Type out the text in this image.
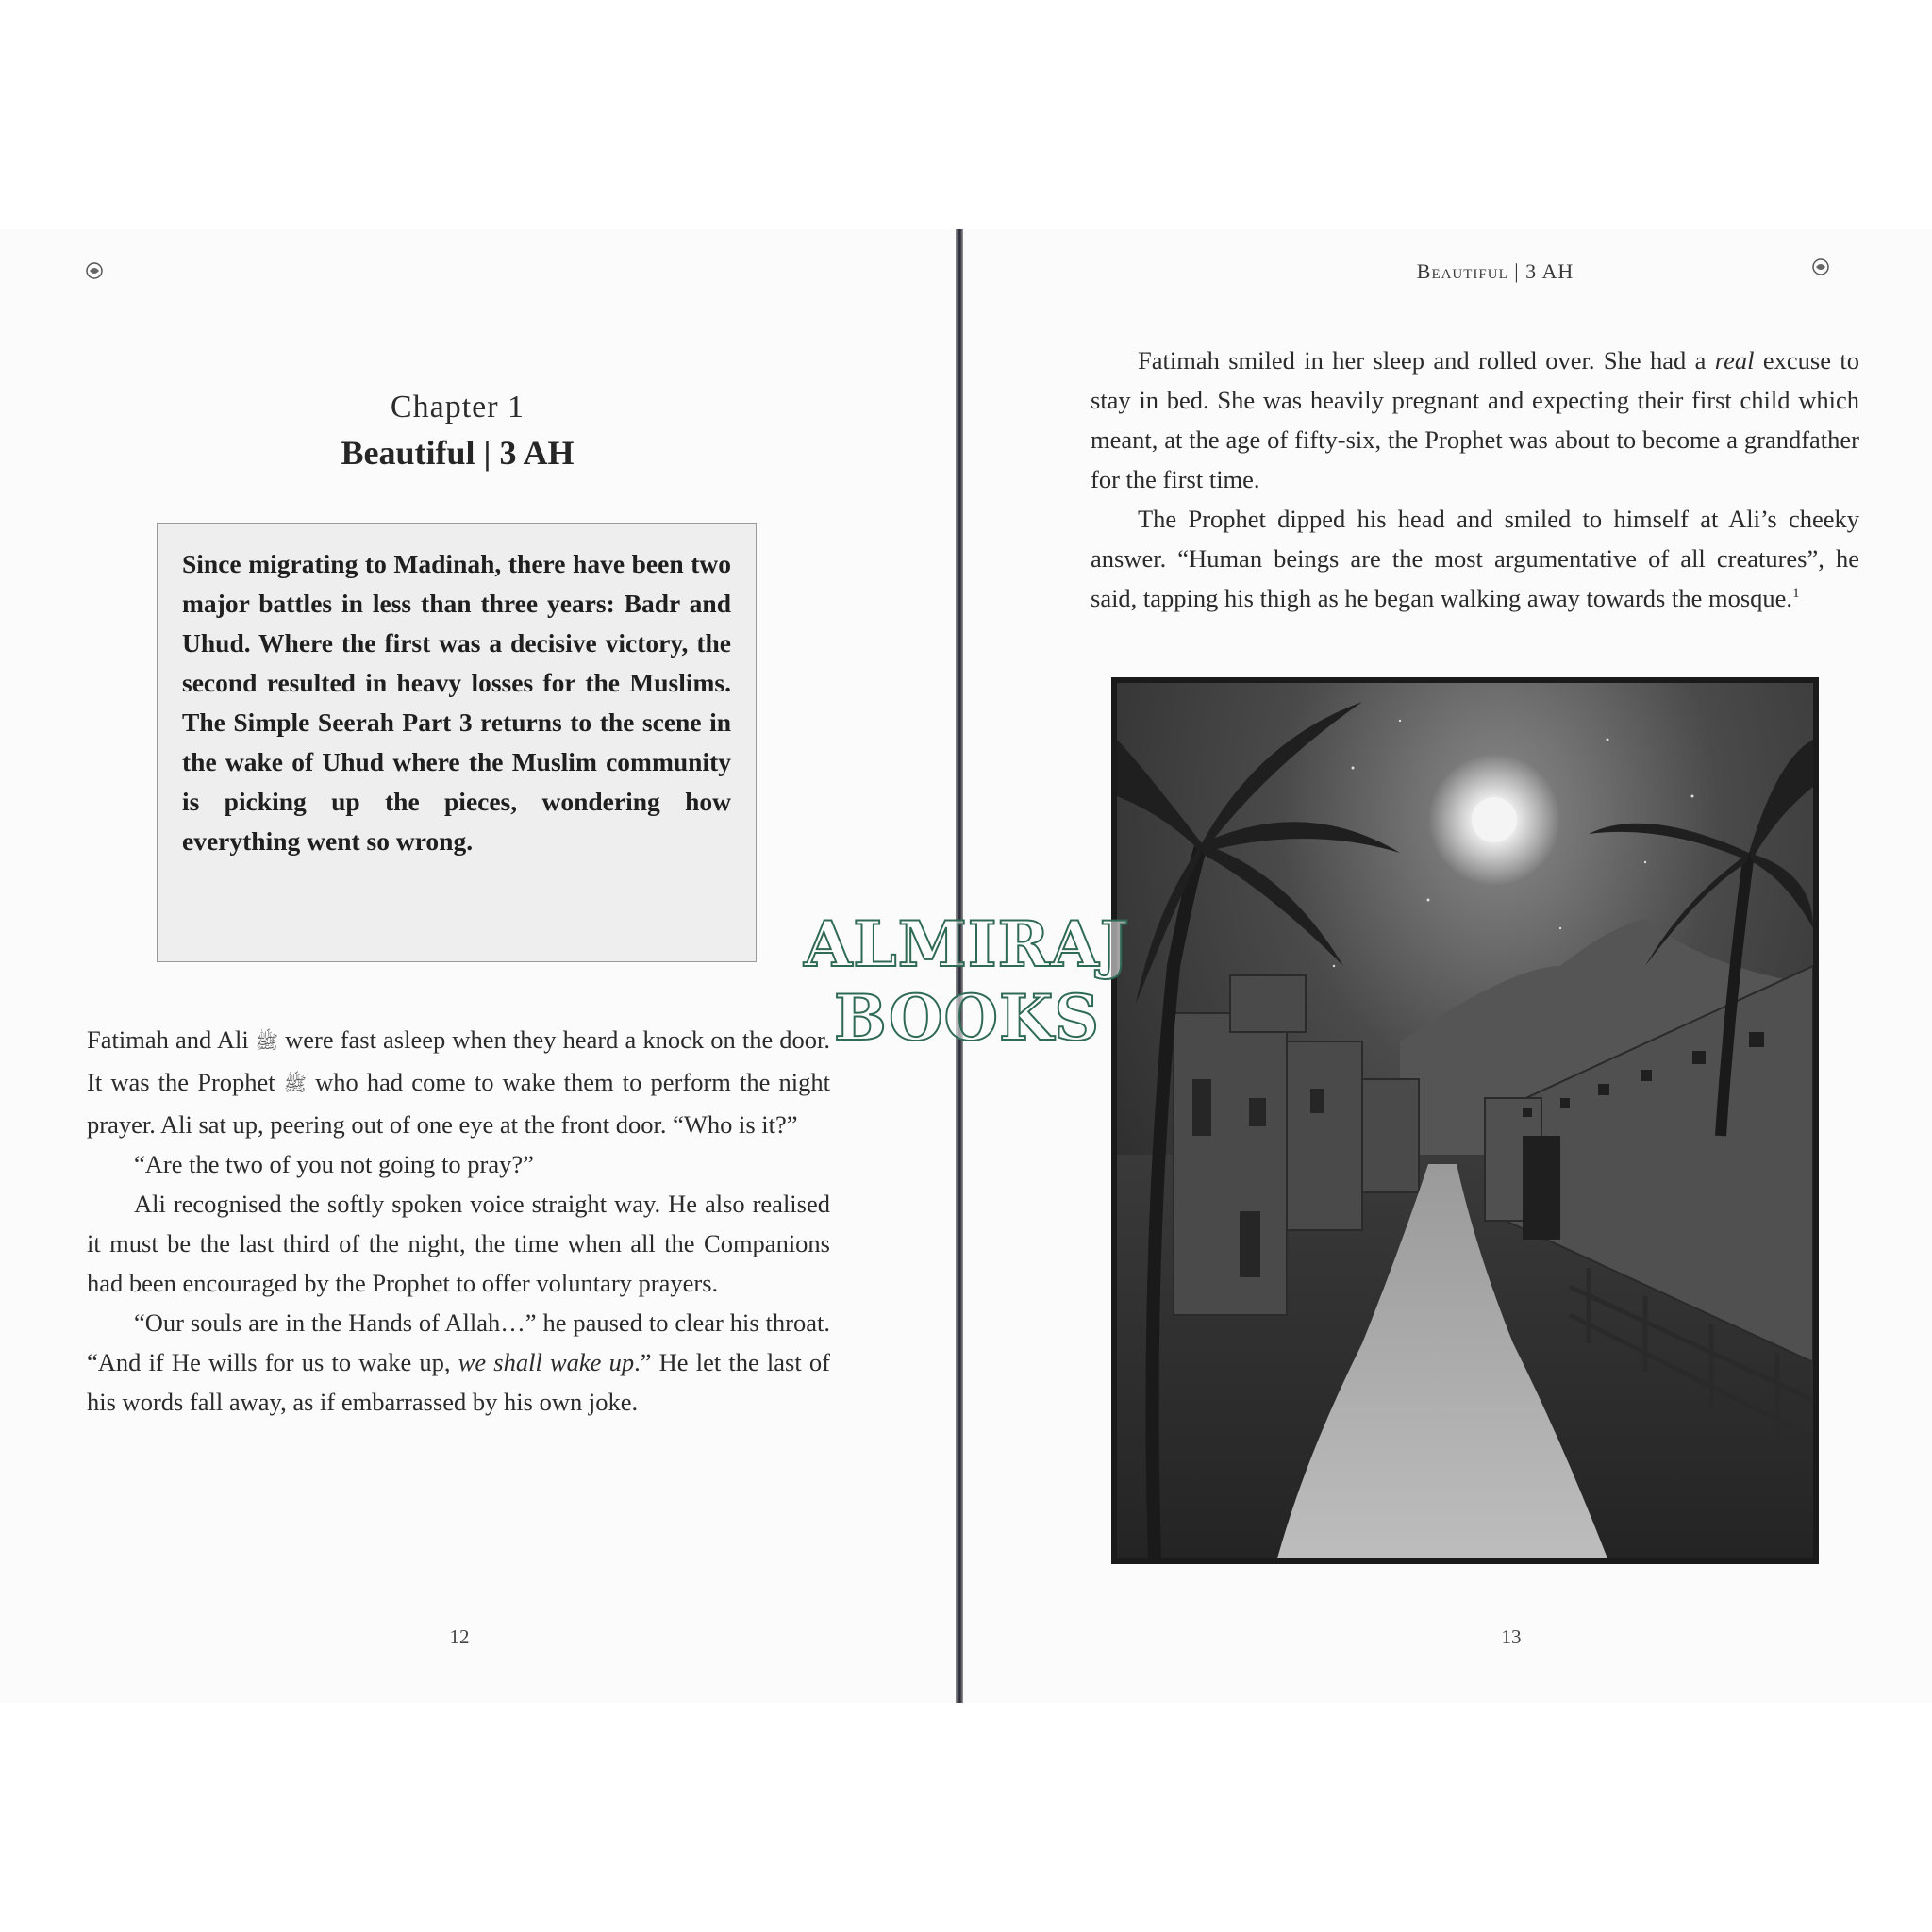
Chapter 1
Beautiful | 3 AH

Since migrating to Madinah, there have been two major battles in less than three years: Badr and Uhud. Where the first was a decisive victory, the second resulted in heavy losses for the Muslims. The Simple Seerah Part 3 returns to the scene in the wake of Uhud where the Muslim community is picking up the pieces, wondering how everything went so wrong.

Fatimah and Ali ﷺ were fast asleep when they heard a knock on the door. It was the Prophet ﷺ who had come to wake them to perform the night prayer. Ali sat up, peering out of one eye at the front door. “Who is it?”

“Are the two of you not going to pray?”

Ali recognised the softly spoken voice straight way. He also realised it must be the last third of the night, the time when all the Companions had been encouraged by the Prophet to offer voluntary prayers.

“Our souls are in the Hands of Allah…” he paused to clear his throat. “And if He wills for us to wake up, we shall wake up.” He let the last of his words fall away, as if embarrassed by his own joke.

12
Beautiful | 3 AH

Fatimah smiled in her sleep and rolled over. She had a real excuse to stay in bed. She was heavily pregnant and expecting their first child which meant, at the age of fifty-six, the Prophet was about to become a grandfather for the first time.

The Prophet dipped his head and smiled to himself at Ali’s cheeky answer. “Human beings are the most argumentative of all creatures”, he said, tapping his thigh as he began walking away towards the mosque.$^1$

13
ALMIRAJ BOOKS
